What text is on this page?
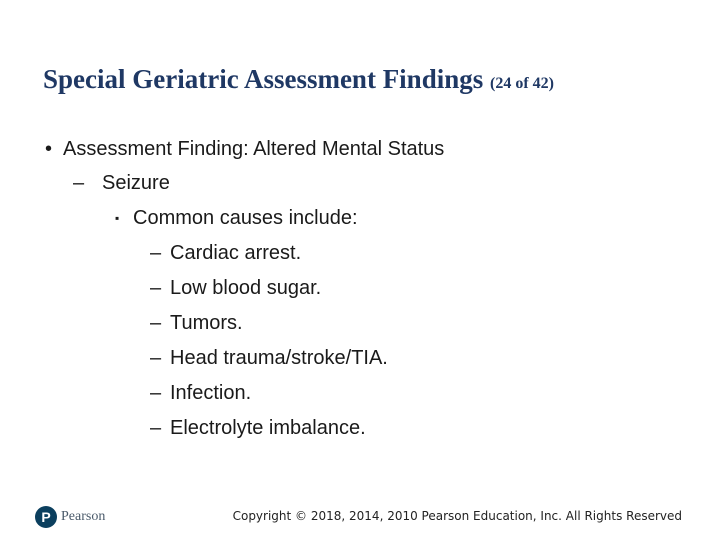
Special Geriatric Assessment Findings (24 of 42)
• Assessment Finding: Altered Mental Status
– Seizure
▪ Common causes include:
– Cardiac arrest.
– Low blood sugar.
– Tumors.
– Head trauma/stroke/TIA.
– Infection.
– Electrolyte imbalance.
P Pearson	Copyright © 2018, 2014, 2010 Pearson Education, Inc. All Rights Reserved
